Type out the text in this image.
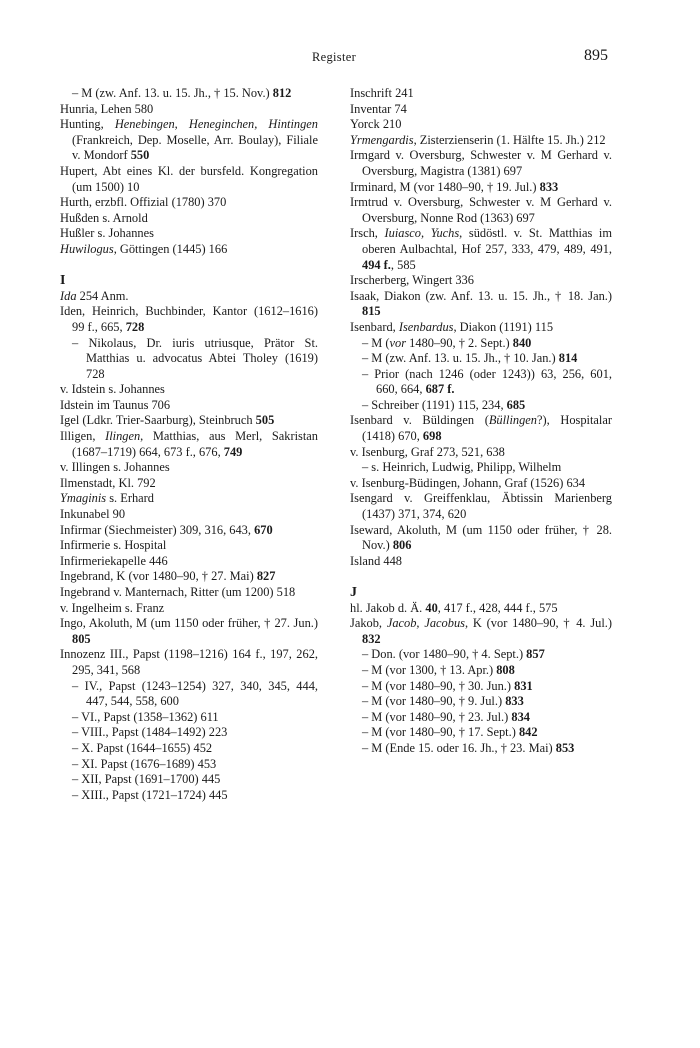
Register	895

– M (zw. Anf. 13. u. 15. Jh., † 15. Nov.) 812

Hunria, Lehen 580

Hunting, Henebingen, Heneginchen, Hintingen (Frankreich, Dep. Moselle, Arr. Boulay), Filiale v. Mondorf 550

Hupert, Abt eines Kl. der bursfeld. Kongregation (um 1500) 10

Hurth, erzbfl. Offizial (1780) 370

Hußden s. Arnold

Hußler s. Johannes

Huwilogus, Göttingen (1445) 166

I

Ida 254 Anm.

Iden, Heinrich, Buchbinder, Kantor (1612–1616) 99 f., 665, 728

– Nikolaus, Dr. iuris utriusque, Prätor St. Matthias u. advocatus Abtei Tholey (1619) 728

v. Idstein s. Johannes

Idstein im Taunus 706

Igel (Ldkr. Trier-Saarburg), Steinbruch 505

Illigen, Ilingen, Matthias, aus Merl, Sakristan (1687–1719) 664, 673 f., 676, 749

v. Illingen s. Johannes

Ilmenstadt, Kl. 792

Ymaginis s. Erhard

Inkunabel 90

Infirmar (Siechmeister) 309, 316, 643, 670

Infirmerie s. Hospital

Infirmeriekapelle 446

Ingebrand, K (vor 1480–90, † 27. Mai) 827

Ingebrand v. Manternach, Ritter (um 1200) 518

v. Ingelheim s. Franz

Ingo, Akoluth, M (um 1150 oder früher, † 27. Jun.) 805

Innozenz III., Papst (1198–1216) 164 f., 197, 262, 295, 341, 568

– IV., Papst (1243–1254) 327, 340, 345, 444, 447, 544, 558, 600

– VI., Papst (1358–1362) 611

– VIII., Papst (1484–1492) 223

– X. Papst (1644–1655) 452

– XI. Papst (1676–1689) 453

– XII, Papst (1691–1700) 445

– XIII., Papst (1721–1724) 445

Inschrift 241

Inventar 74

Yorck 210

Yrmengardis, Zisterzienserin (1. Hälfte 15. Jh.) 212

Irmgard v. Oversburg, Schwester v. M Gerhard v. Oversburg, Magistra (1381) 697

Irminard, M (vor 1480–90, † 19. Jul.) 833

Irmtrud v. Oversburg, Schwester v. M Gerhard v. Oversburg, Nonne Rod (1363) 697

Irsch, Iuiasco, Yuchs, südöstl. v. St. Matthias im oberen Aulbachtal, Hof 257, 333, 479, 489, 491, 494 f., 585

Irscherberg, Wingert 336

Isaak, Diakon (zw. Anf. 13. u. 15. Jh., † 18. Jan.) 815

Isenbard, Isenbardus, Diakon (1191) 115

– M (vor 1480–90, † 2. Sept.) 840

– M (zw. Anf. 13. u. 15. Jh., † 10. Jan.) 814

– Prior (nach 1246 (oder 1243)) 63, 256, 601, 660, 664, 687 f.

– Schreiber (1191) 115, 234, 685

Isenbard v. Büldingen (Büllingen?), Hospitalar (1418) 670, 698

v. Isenburg, Graf 273, 521, 638

– s. Heinrich, Ludwig, Philipp, Wilhelm

v. Isenburg-Büdingen, Johann, Graf (1526) 634

Isengard v. Greiffenklau, Äbtissin Marienberg (1437) 371, 374, 620

Iseward, Akoluth, M (um 1150 oder früher, † 28. Nov.) 806

Island 448

J

hl. Jakob d. Ä. 40, 417 f., 428, 444 f., 575

Jakob, Jacob, Jacobus, K (vor 1480–90, † 4. Jul.) 832

– Don. (vor 1480–90, † 4. Sept.) 857

– M (vor 1300, † 13. Apr.) 808

– M (vor 1480–90, † 30. Jun.) 831

– M (vor 1480–90, † 9. Jul.) 833

– M (vor 1480–90, † 23. Jul.) 834

– M (vor 1480–90, † 17. Sept.) 842

– M (Ende 15. oder 16. Jh., † 23. Mai) 853
